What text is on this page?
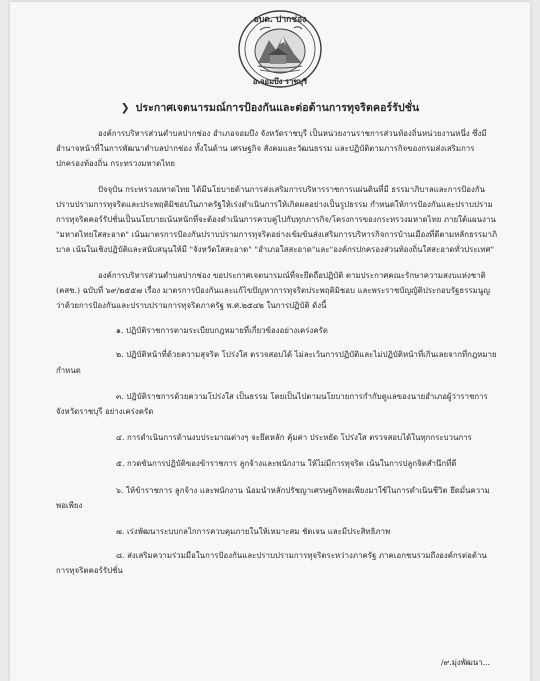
อบต. ปากช่อง
อ.จอมบึง ราชบุรี
❯ ประกาศเจตนารมณ์การป้องกันและต่อต้านการทุจริตคอร์รัปชั่น

องค์การบริหารส่วนตำบลปากช่อง อำเภอจอมบึง จังหวัดราชบุรี เป็นหน่วยงานราชการส่วนท้องถิ่นหน่วยงานหนึ่ง ซึ่งมีอำนาจหน้าที่ในการพัฒนาตำบลปากช่อง ทั้งในด้าน เศรษฐกิจ สังคมและวัฒนธรรม และปฏิบัติตามภารกิจของกรมส่งเสริมการปกครองท้องถิ่น กระทรวงมหาดไทย

ปัจจุบัน กระทรวงมหาดไทย ได้มีนโยบายด้านการส่งเสริมการบริหารราชการแผ่นดินที่มี ธรรมาภิบาลและการป้องกันปราบปรามการทุจริตและประพฤติมิชอบในภาครัฐให้เร่งดำเนินการให้เกิดผลอย่างเป็นรูปธรรม กำหนดให้การป้องกันและปราบปรามการทุจริตคอร์รัปชั่นเป็นนโยบายเน้นหนักที่จะต้องดำเนินการควบคู่ไปกับทุกภารกิจ/โครงการของกระทรวงมหาดไทย ภายใต้แผนงาน "มหาดไทยใสสะอาด" เน้นมาตรการป้องกันปราบปรามการทุจริตอย่างเข้มข้นส่งเสริมการบริหารกิจการบ้านเมืองที่ดีตามหลักธรรมาภิบาล เน้นในเชิงปฏิบัติและสนับสนุนให้มี "จังหวัดใสสะอาด" "อำเภอใสสะอาด"และ"องค์กรปกครองส่วนท้องถิ่นใสสะอาดทั่วประเทศ"

องค์การบริหารส่วนตำบลปากช่อง ขอประกาศเจตนารมณ์ที่จะยึดถือปฏิบัติ ตามประกาศคณะรักษาความสงบแห่งชาติ (คสช.) ฉบับที่ ๖๙/๒๕๕๗ เรื่อง มาตรการป้องกันและแก้ไขปัญหาการทุจริตประพฤติมิชอบ และพระราชบัญญัติประกอบรัฐธรรมนูญว่าด้วยการป้องกันและปราบปรามการทุจริตภาครัฐ พ.ศ.๒๕๔๒ ในการปฏิบัติ ดังนี้

๑. ปฏิบัติราชการตามระเบียบกฎหมายที่เกี่ยวข้องอย่างเคร่งครัด

๒. ปฏิบัติหน้าที่ด้วยความสุจริต โปร่งใส ตรวจสอบได้ ไม่ละเว้นการปฏิบัติและไม่ปฏิบัติหน้าที่เกินเลยจากที่กฎหมายกำหนด

๓. ปฏิบัติราชการด้วยความโปร่งใส เป็นธรรม โดยเป็นไปตามนโยบายการกำกับดูแลของนายอำเภอผู้ว่าราชการจังหวัดราชบุรี อย่างเคร่งครัด

๔. การดำเนินการด้านงบประมาณต่างๆ จะยึดหลัก คุ้มค่า ประหยัด โปร่งใส ตรวจสอบได้ในทุกกระบวนการ

๕. กวดขันการปฏิบัติของข้าราชการ ลูกจ้างและพนักงาน ให้ไม่มีการทุจริต เน้นในการปลูกจิตสำนึกที่ดี

๖. ให้ข้าราชการ ลูกจ้าง และพนักงาน น้อมนำหลักปรัชญาเศรษฐกิจพอเพียงมาใช้ในการดำเนินชีวิต ยึดมั่นความพอเพียง

๗. เร่งพัฒนาระบบกลไกการควบคุมภายในให้เหมาะสม ชัดเจน และมีประสิทธิภาพ

๘. ส่งเสริมความร่วมมือในการป้องกันและปราบปรามการทุจริตระหว่างภาครัฐ ภาคเอกชนรวมถึงองค์กรต่อต้านการทุจริตคอร์รัปชั่น

/๙.มุ่งพัฒนา...
